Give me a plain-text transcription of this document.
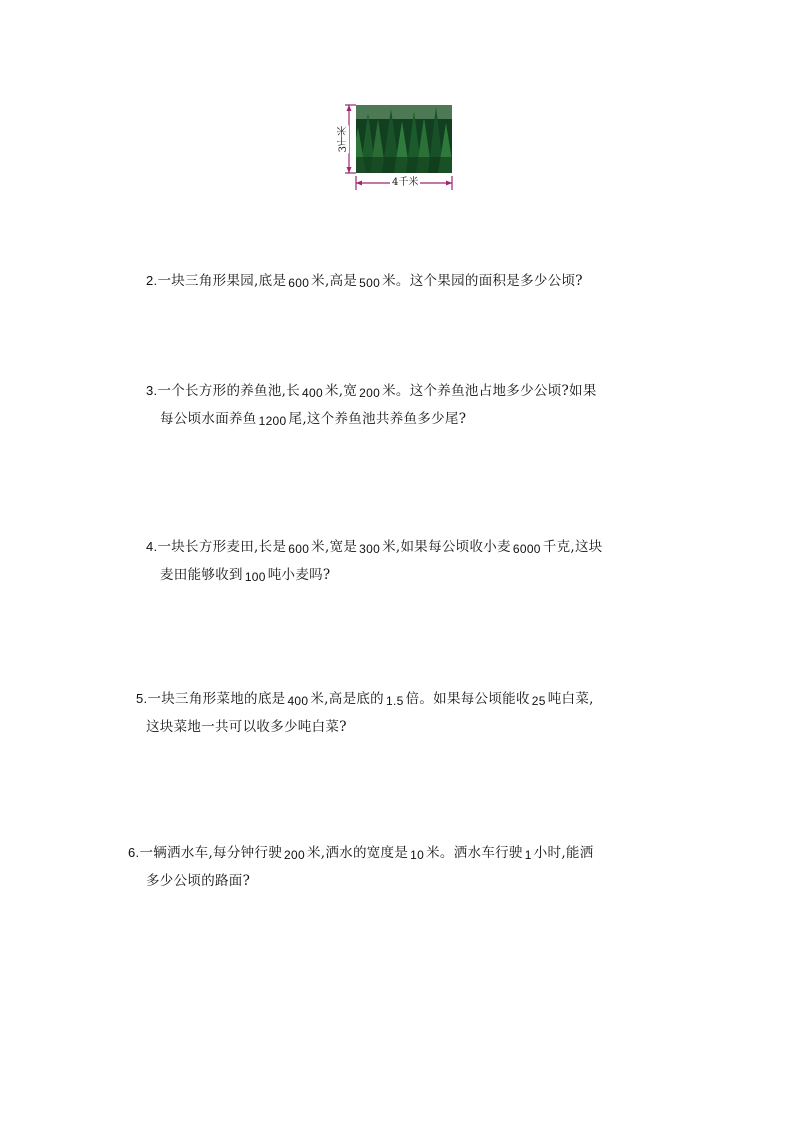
3千米
4千米
2.一块三角形果园,底是 600 米,高是 500 米。这个果园的面积是多少公顷?
3.一个长方形的养鱼池,长 400 米,宽 200 米。这个养鱼池占地多少公顷?如果
每公顷水面养鱼 1200 尾,这个养鱼池共养鱼多少尾?
4.一块长方形麦田,长是 600 米,宽是 300 米,如果每公顷收小麦 6000 千克,这块
麦田能够收到 100 吨小麦吗?
5.一块三角形菜地的底是 400 米,高是底的 1.5 倍。如果每公顷能收 25 吨白菜,
这块菜地一共可以收多少吨白菜?
6.一辆洒水车,每分钟行驶 200 米,洒水的宽度是 10 米。洒水车行驶 1 小时,能洒
多少公顷的路面?
